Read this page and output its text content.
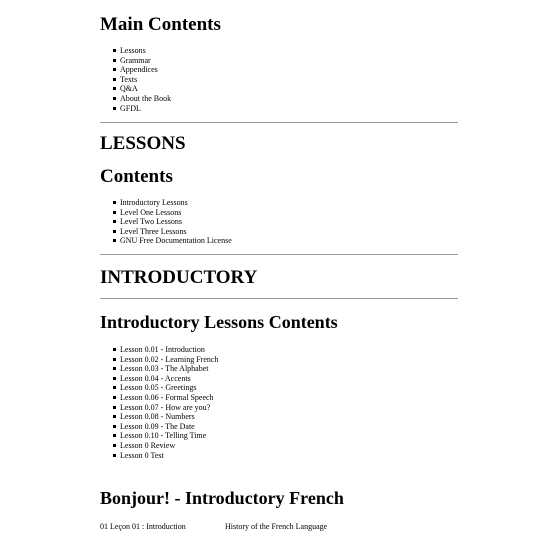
Main Contents
Lessons
Grammar
Appendices
Texts
Q&A
About the Book
GFDL
LESSONS
Contents
Introductory Lessons
Level One Lessons
Level Two Lessons
Level Three Lessons
GNU Free Documentation License
INTRODUCTORY
Introductory Lessons Contents
Lesson 0.01 - Introduction
Lesson 0.02 - Learning French
Lesson 0.03 - The Alphabet
Lesson 0.04 - Accents
Lesson 0.05 - Greetings
Lesson 0.06 - Formal Speech
Lesson 0.07 - How are you?
Lesson 0.08 - Numbers
Lesson 0.09 - The Date
Lesson 0.10 - Telling Time
Lesson 0 Review
Lesson 0 Test
Bonjour! - Introductory French
01 Leçon 01 : Introduction	History of the French Language
